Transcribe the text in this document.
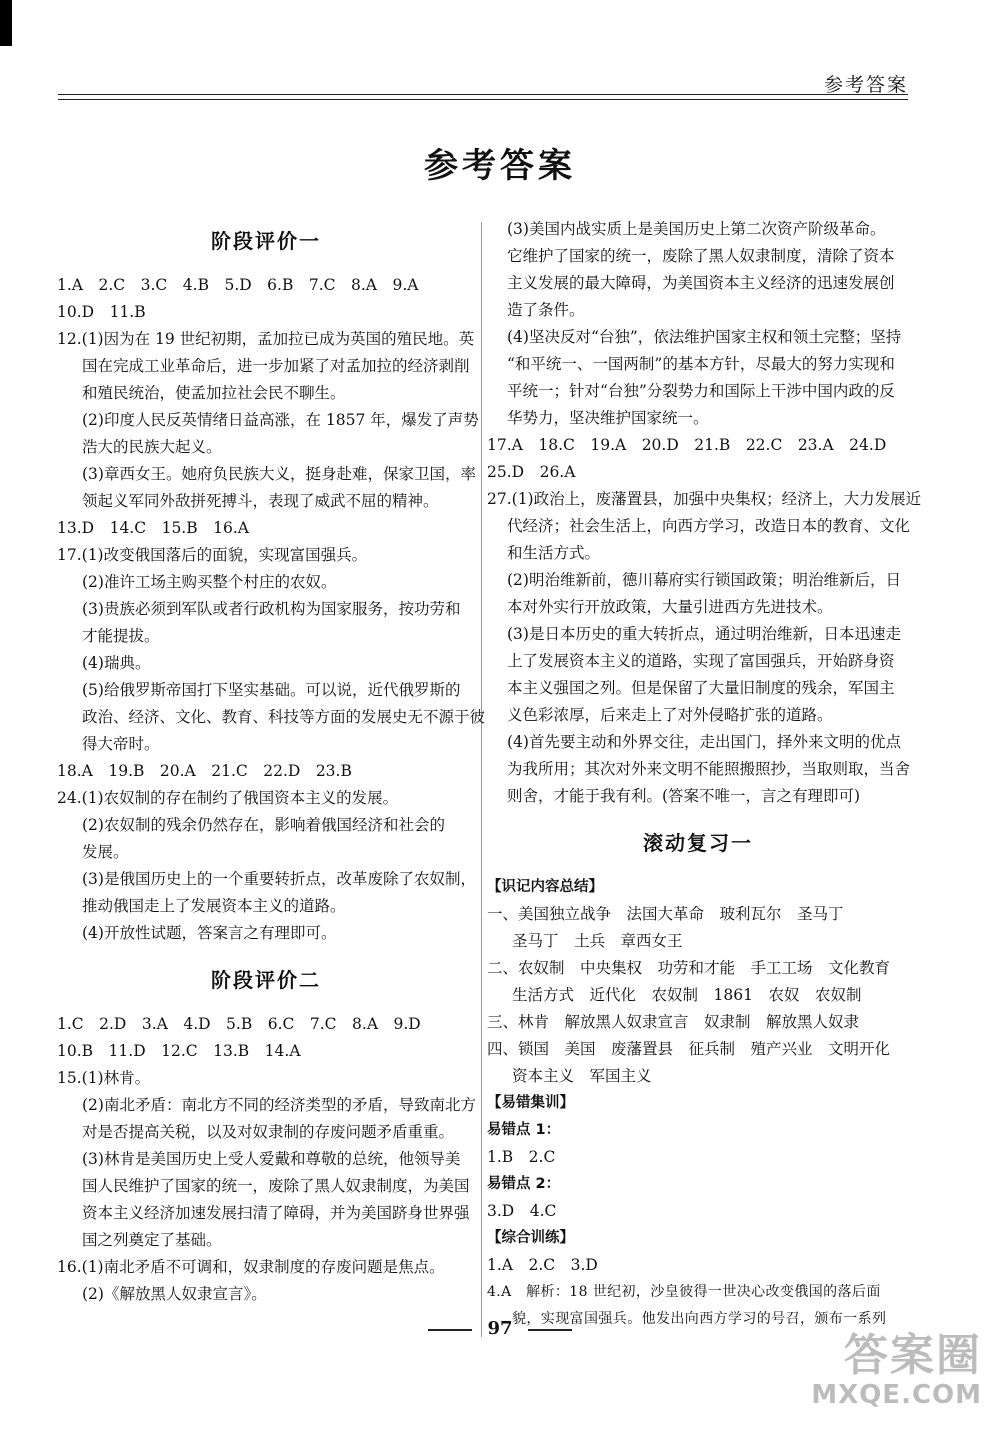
参考答案
参考答案
阶段评价一
1.A　2.C　3.C　4.B　5.D　6.B　7.C　8.A　9.A
10.D　11.B
12.(1)因为在 19 世纪初期，孟加拉已成为英国的殖民地。英
国在完成工业革命后，进一步加紧了对孟加拉的经济剥削
和殖民统治，使孟加拉社会民不聊生。
(2)印度人民反英情绪日益高涨，在 1857 年，爆发了声势
浩大的民族大起义。
(3)章西女王。她府负民族大义，挺身赴难，保家卫国，率
领起义军同外敌拼死搏斗，表现了威武不屈的精神。
13.D　14.C　15.B　16.A
17.(1)改变俄国落后的面貌，实现富国强兵。
(2)准许工场主购买整个村庄的农奴。
(3)贵族必须到军队或者行政机构为国家服务，按功劳和
才能提拔。
(4)瑞典。
(5)给俄罗斯帝国打下坚实基础。可以说，近代俄罗斯的
政治、经济、文化、教育、科技等方面的发展史无不源于彼
得大帝时。
18.A　19.B　20.A　21.C　22.D　23.B
24.(1)农奴制的存在制约了俄国资本主义的发展。
(2)农奴制的残余仍然存在，影响着俄国经济和社会的
发展。
(3)是俄国历史上的一个重要转折点，改革废除了农奴制，
推动俄国走上了发展资本主义的道路。
(4)开放性试题，答案言之有理即可。
阶段评价二
1.C　2.D　3.A　4.D　5.B　6.C　7.C　8.A　9.D
10.B　11.D　12.C　13.B　14.A
15.(1)林肯。
(2)南北矛盾：南北方不同的经济类型的矛盾，导致南北方
对是否提高关税，以及对奴隶制的存废问题矛盾重重。
(3)林肯是美国历史上受人爱戴和尊敬的总统，他领导美
国人民维护了国家的统一，废除了黑人奴隶制度，为美国
资本主义经济加速发展扫清了障碍，并为美国跻身世界强
国之列奠定了基础。
16.(1)南北矛盾不可调和，奴隶制度的存废问题是焦点。
(2)《解放黑人奴隶宣言》。
(3)美国内战实质上是美国历史上第二次资产阶级革命。
它维护了国家的统一，废除了黑人奴隶制度，清除了资本
主义发展的最大障碍，为美国资本主义经济的迅速发展创
造了条件。
(4)坚决反对“台独”，依法维护国家主权和领土完整；坚持
“和平统一、一国两制”的基本方针，尽最大的努力实现和
平统一；针对“台独”分裂势力和国际上干涉中国内政的反
华势力，坚决维护国家统一。
17.A　18.C　19.A　20.D　21.B　22.C　23.A　24.D
25.D　26.A
27.(1)政治上，废藩置县，加强中央集权；经济上，大力发展近
代经济；社会生活上，向西方学习，改造日本的教育、文化
和生活方式。
(2)明治维新前，德川幕府实行锁国政策；明治维新后，日
本对外实行开放政策，大量引进西方先进技术。
(3)是日本历史的重大转折点，通过明治维新，日本迅速走
上了发展资本主义的道路，实现了富国强兵，开始跻身资
本主义强国之列。但是保留了大量旧制度的残余，军国主
义色彩浓厚，后来走上了对外侵略扩张的道路。
(4)首先要主动和外界交往，走出国门，择外来文明的优点
为我所用；其次对外来文明不能照搬照抄，当取则取，当舍
则舍，才能于我有利。(答案不唯一，言之有理即可)
滚动复习一
【识记内容总结】
一、美国独立战争　法国大革命　玻利瓦尔　圣马丁
圣马丁　土兵　章西女王
二、农奴制　中央集权　功劳和才能　手工工场　文化教育
生活方式　近代化　农奴制　1861　农奴　农奴制
三、林肯　解放黑人奴隶宣言　奴隶制　解放黑人奴隶
四、锁国　美国　废藩置县　征兵制　殖产兴业　文明开化
资本主义　军国主义
【易错集训】
易错点 1：
1.B　2.C
易错点 2：
3.D　4.C
【综合训练】
1.A　2.C　3.D
4.A　解析：18 世纪初，沙皇彼得一世决心改变俄国的落后面
貌，实现富国强兵。他发出向西方学习的号召，颁布一系列
97
答案圈
MXQE.COM
